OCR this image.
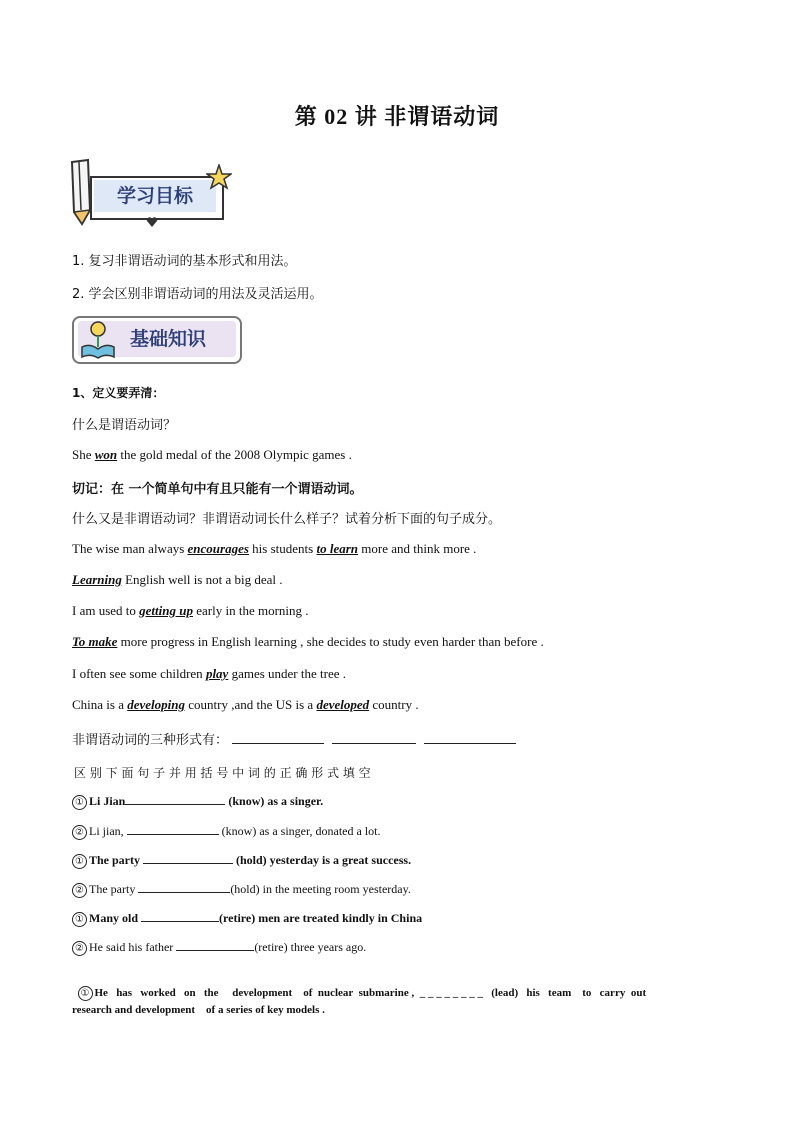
第 02 讲 非谓语动词
学习目标
1. 复习非谓语动词的基本形式和用法。
2. 学会区别非谓语动词的用法及灵活运用。
基础知识
1、定义要弄清：
什么是谓语动词？
She won the gold medal of the 2008 Olympic games .
切记：在 一个简单句中有且只能有一个谓语动词。
什么又是非谓语动词？非谓语动词长什么样子？试着分析下面的句子成分。
The wise man always encourages his students to learn more and think more .
Learning English well is not a big deal .
I am used to getting up early in the morning .
To make more progress in English learning , she decides to study even harder than before .
I often see some children play games under the tree .
China is a developing country ,and the US is a developed country .
非谓语动词的三种形式有：
区 别 下 面 句 子 并 用 括 号 中 词 的 正 确 形 式 填 空
① Li Jian	(know) as a singer.
② Li jian,	(know) as a singer, donated a lot.
① The party	(hold) yesterday is a great success.
② The party	(hold) in the meeting room yesterday.
① Many old	(retire) men are treated kindly in China
② He said his father	(retire) three years ago.

① He   has   worked   on   the     development    of  nuclear  submarine ,  _ _ _ _ _ _ _ _   (lead)   his   team    to   carry  out

research and development    of a series of key models .
